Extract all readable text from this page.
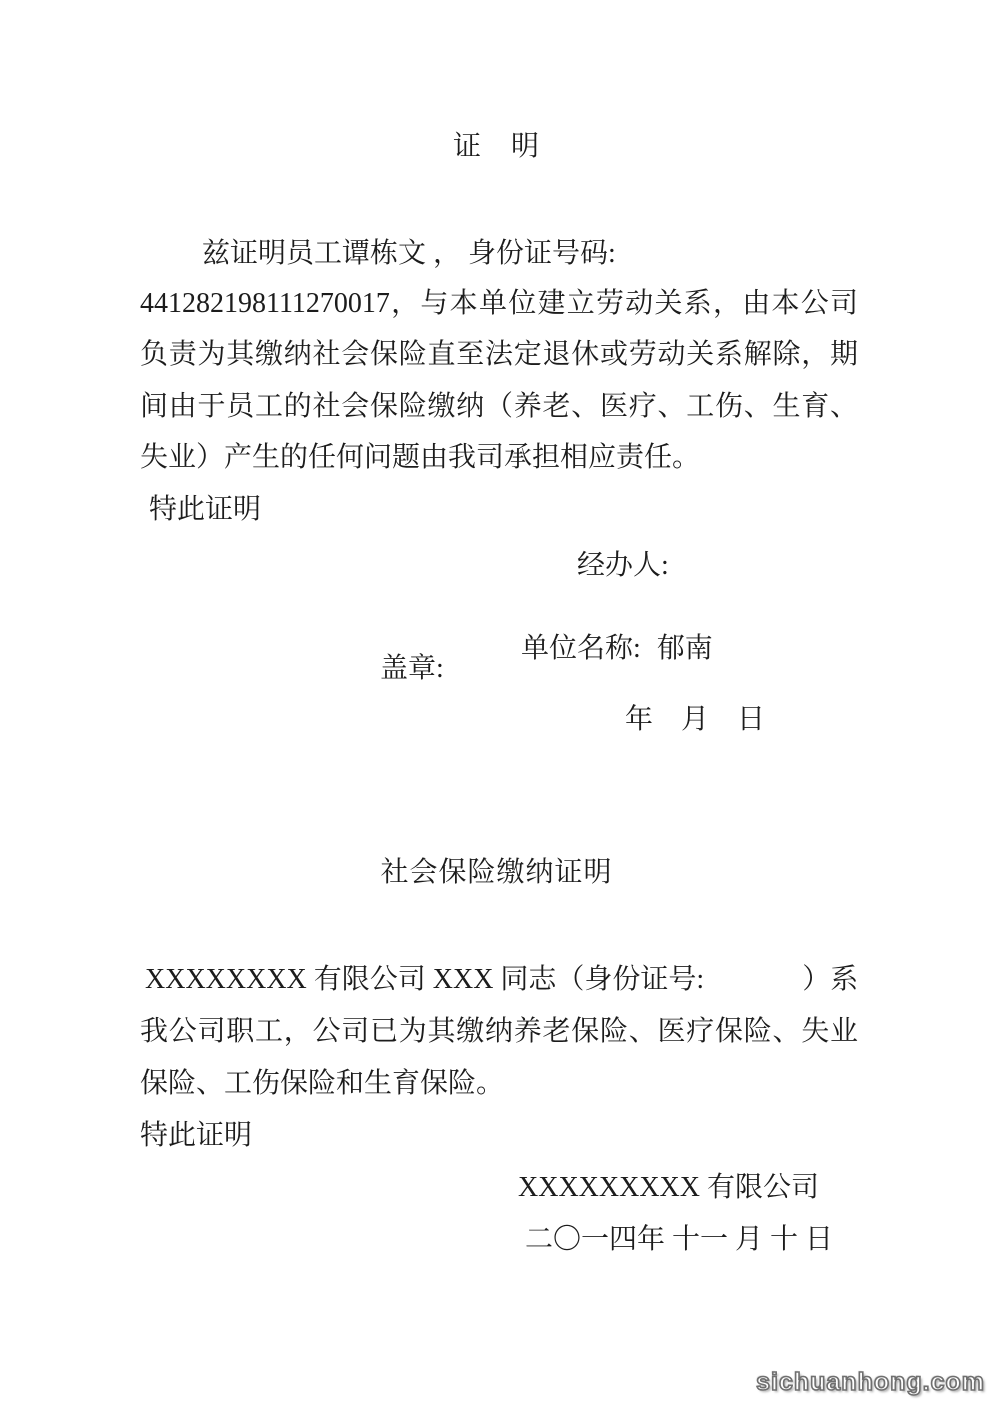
证　明
兹证明员工谭栋文 ， 身份证号码:
441282198111270017，与本单位建立劳动关系，由本公司
负责为其缴纳社会保险直至法定退休或劳动关系解除，期
间由于员工的社会保险缴纳（养老、医疗、工伤、生育、
失业）产生的任何问题由我司承担相应责任。
特此证明
经办人:

单位名称: 郁南

盖章:
年　月　日
社会保险缴纳证明
XXXXXXXX 有限公司 XXX 同志（身份证号:              ）系
我公司职工，公司已为其缴纳养老保险、医疗保险、失业
保险、工伤保险和生育保险。
特此证明
XXXXXXXXX 有限公司
二〇一四年 十一 月 十 日
sichuanhong.com
